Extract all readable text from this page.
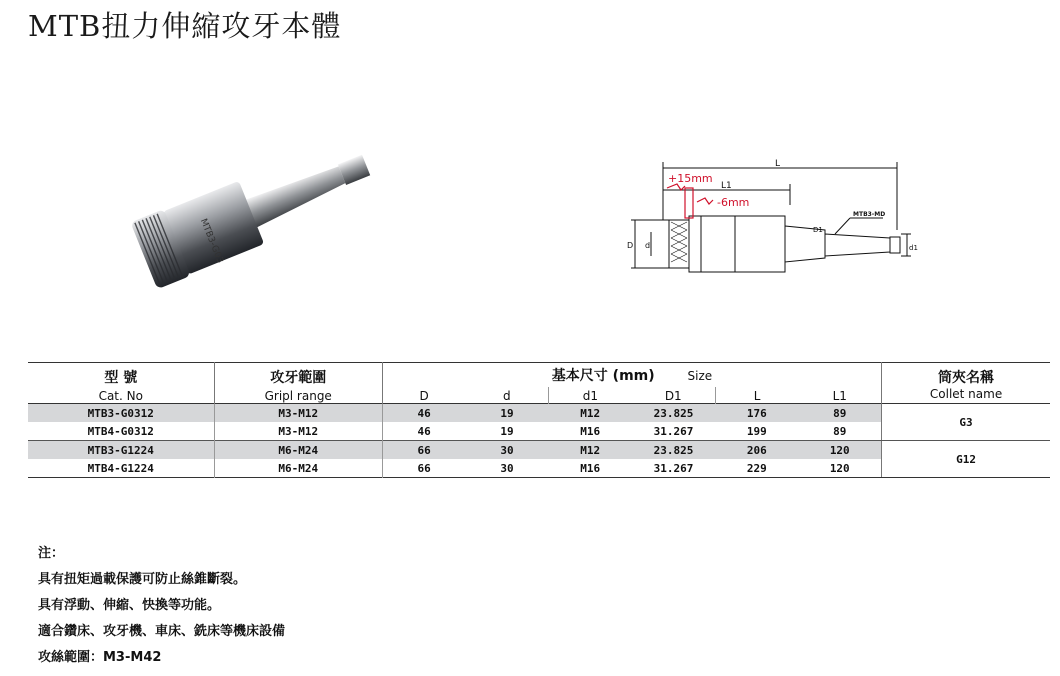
MTB扭力伸縮攻牙本體
MTB3-G03
+15mm
-6mm
L
L1
D d
D1
d1
MTB3-MD
型 號	攻牙範圍	基本尺寸 (mm) Size						筒夾名稱
Cat. No	Gripl range	D	d	d1	D1	L	L1	Collet name
MTB3-G0312	M3-M12	46	19	M12	23.825	176	89	G3
MTB4-G0312	M3-M12	46	19	M16	31.267	199	89	
MTB3-G1224	M6-M24	66	30	M12	23.825	206	120	G12
MTB4-G1224	M6-M24	66	30	M16	31.267	229	120	
注：
具有扭矩過載保護可防止絲錐斷裂。
具有浮動、伸縮、快換等功能。
適合鑽床、攻牙機、車床、銑床等機床設備
攻絲範圍：M3-M42
